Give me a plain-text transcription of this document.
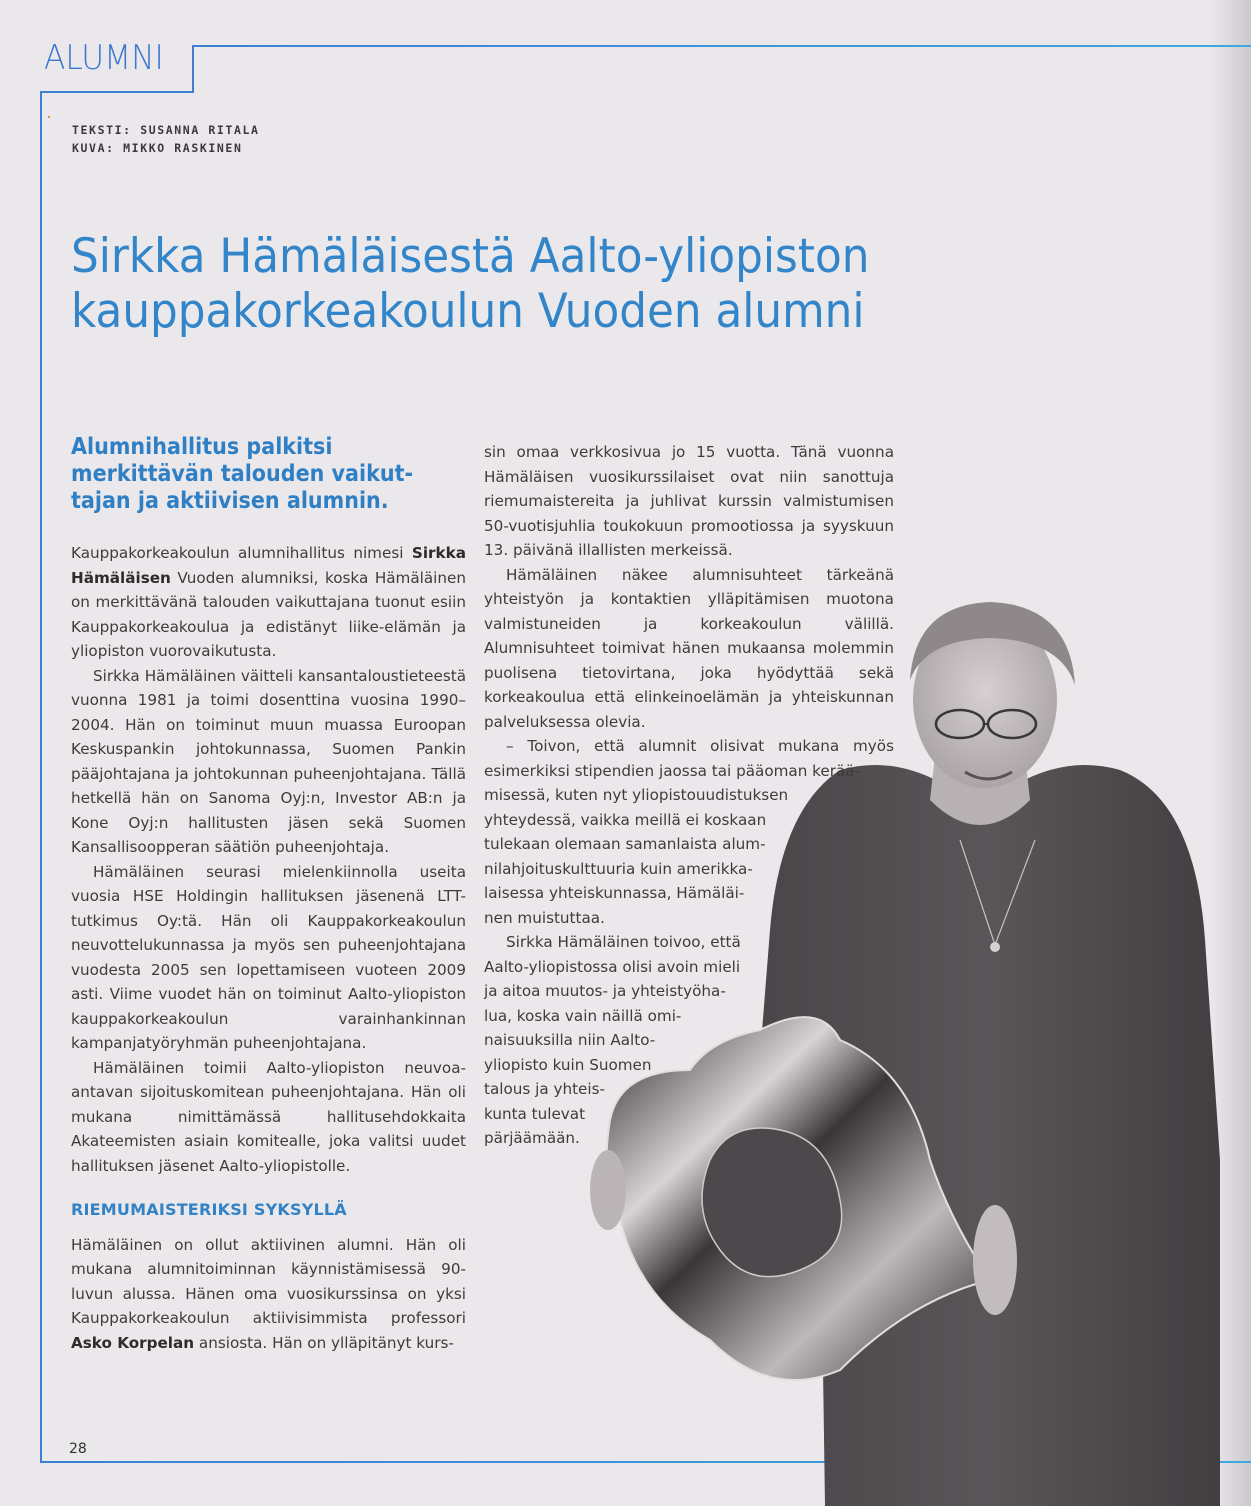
ALUMNI
TEKSTI: SUSANNA RITALA
KUVA: MIKKO RASKINEN
Sirkka Hämäläisestä Aalto-yliopiston
kauppakorkeakoulun Vuoden alumni
Alumnihallitus palkitsi
merkittävän talouden vaikut-
tajan ja aktiivisen alumnin.

Kauppakorkeakoulun alumnihallitus nimesi Sirkka Hämäläisen Vuoden alumniksi, koska Hämäläinen on merkittävänä talouden vaikuttajana tuonut esiin Kauppakorkeakoulua ja edistänyt liike-elämän ja yliopiston vuorovaikutusta.

Sirkka Hämäläinen väitteli kansantaloustieteestä vuonna 1981 ja toimi dosenttina vuosina 1990–2004. Hän on toiminut muun muassa Euroopan Keskuspankin johtokunnassa, Suomen Pankin pääjohtajana ja johtokunnan puheenjohtajana. Tällä hetkellä hän on Sanoma Oyj:n, Investor AB:n ja Kone Oyj:n hallitusten jäsen sekä Suomen Kansallisoopperan säätiön puheenjohtaja.

Hämäläinen seurasi mielenkiinnolla useita vuosia HSE Holdingin hallituksen jäsenenä LTT-tutkimus Oy:tä. Hän oli Kauppakorkeakoulun neuvottelukunnassa ja myös sen puheenjohtajana vuodesta 2005 sen lopettamiseen vuoteen 2009 asti. Viime vuodet hän on toiminut Aalto-yliopiston kauppakorkeakoulun varainhankinnan kampanjatyöryhmän puheenjohtajana.

Hämäläinen toimii Aalto-yliopiston neuvoa-antavan sijoituskomitean puheenjohtajana. Hän oli mukana nimittämässä hallitusehdokkaita Akateemisten asiain komitealle, joka valitsi uudet hallituksen jäsenet Aalto-yliopistolle.

RIEMUMAISTERIKSI SYKSYLLÄ

Hämäläinen on ollut aktiivinen alumni. Hän oli mukana alumnitoiminnan käynnistämisessä 90-luvun alussa. Hänen oma vuosikurssinsa on yksi Kauppakorkeakoulun aktiivisimmista professori Asko Korpelan ansiosta. Hän on ylläpitänyt kurs-

sin omaa verkkosivua jo 15 vuotta. Tänä vuonna Hämäläisen vuosikurssilaiset ovat niin sanottuja riemumaistereita ja juhlivat kurssin valmistumisen 50-vuotisjuhlia toukokuun promootiossa ja syyskuun 13. päivänä illallisten merkeissä.

Hämäläinen näkee alumnisuhteet tärkeänä yhteistyön ja kontaktien ylläpitämisen muotona valmistuneiden ja korkeakoulun välillä. Alumnisuhteet toimivat hänen mukaansa molemmin puolisena tietovirtana, joka hyödyttää sekä korkeakoulua että elinkeinoelämän ja yhteiskunnan palveluksessa olevia.

– Toivon, että alumnit olisivat mukana myös esimerkiksi stipendien jaossa tai pääoman kerää-

misessä, kuten nyt yliopistouudistuksen
yhteydessä, vaikka meillä ei koskaan
tulekaan olemaan samanlaista alum-
nilahjoituskulttuuria kuin amerikka-
laisessa yhteiskunnassa, Hämäläi-
nen muistuttaa.
Sirkka Hämäläinen toivoo, että
Aalto-yliopistossa olisi avoin mieli
ja aitoa muutos- ja yhteistyöha-
lua, koska vain näillä omi-
naisuuksilla niin Aalto-
yliopisto kuin Suomen
talous ja yhteis-
kunta tulevat
pärjäämään.
28
